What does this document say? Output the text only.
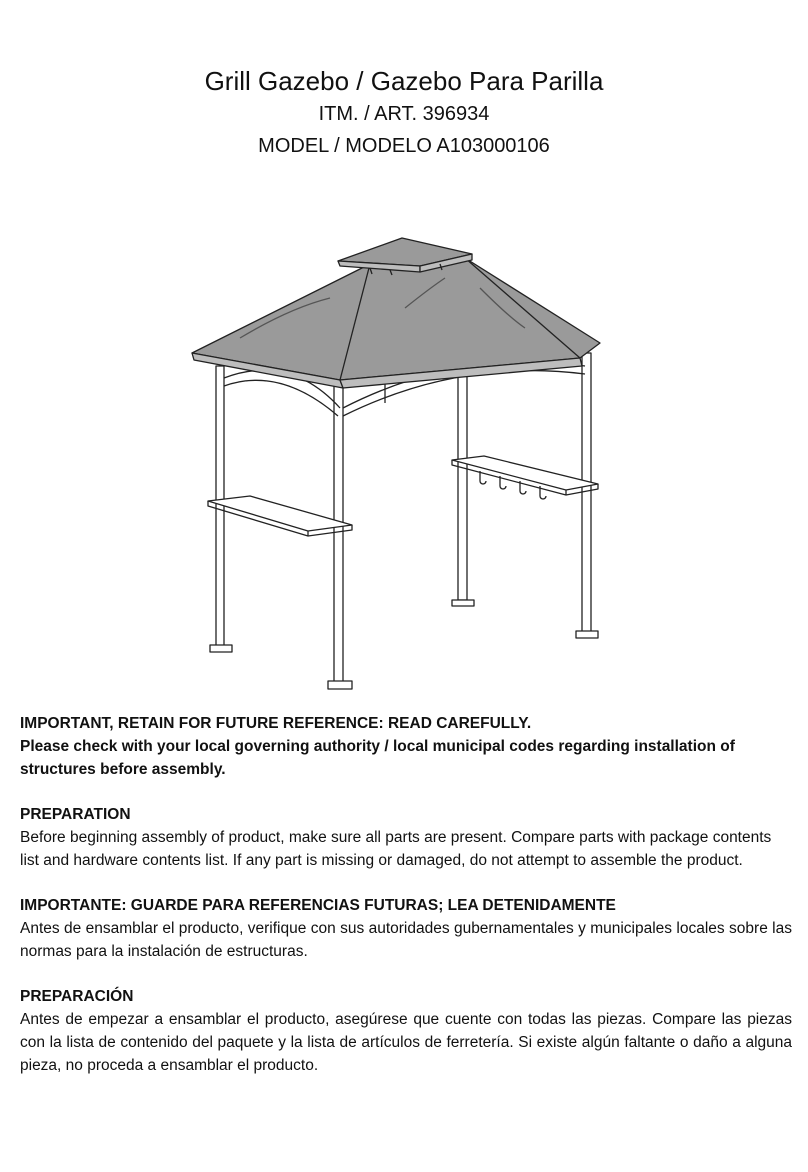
Grill Gazebo / Gazebo Para Parilla

ITM. / ART. 396934

MODEL / MODELO A103000106

IMPORTANT, RETAIN FOR FUTURE REFERENCE: READ CAREFULLY.

Please check with your local governing authority / local municipal codes regarding installation of structures before assembly.

PREPARATION

Before beginning assembly of product, make sure all parts are present. Compare parts with package contents list and hardware contents list. If any part is missing or damaged, do not attempt to assemble the product.

IMPORTANTE: GUARDE PARA REFERENCIAS FUTURAS; LEA DETENIDAMENTE

Antes de ensamblar el producto, verifique con sus autoridades gubernamentales y municipales locales sobre las normas para la instalación de estructuras.

PREPARACIÓN

Antes de empezar a ensamblar el producto, asegúrese que cuente con todas las piezas. Compare las piezas con la lista de contenido del paquete y la lista de artículos de ferretería. Si existe algún faltante o daño a alguna pieza, no proceda a ensamblar el producto.
